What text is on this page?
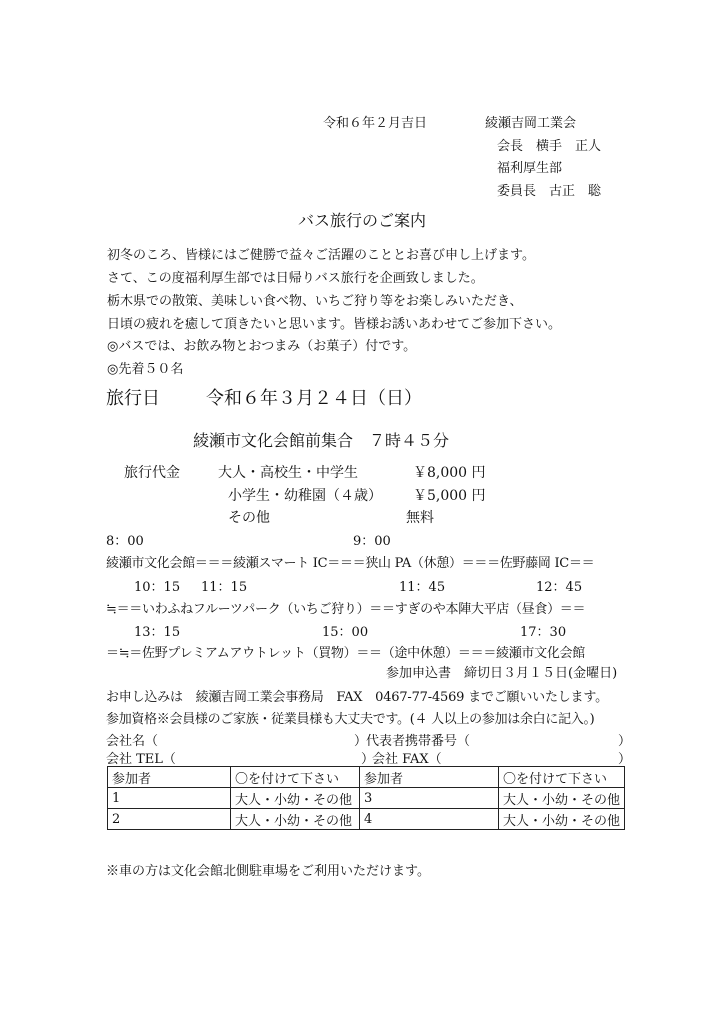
令和６年２月吉日	綾瀬吉岡工業会
会長　横手　正人
福利厚生部
委員長　古正　聡
バス旅行のご案内
初冬のころ、皆様にはご健勝で益々ご活躍のこととお喜び申し上げます。
さて、この度福利厚生部では日帰りバス旅行を企画致しました。
栃木県での散策、美味しい食べ物、いちご狩り等をお楽しみいただき、
日頃の疲れを癒して頂きたいと思います。皆様お誘いあわせてご参加下さい。
◎バスでは、お飲み物とおつまみ（お菓子）付です。
◎先着５０名
旅行日	令和６年３月２４日（日）
綾瀬市文化会館前集合　７時４５分
旅行代金	大人・高校生・中学生	￥8,000 円
小学生・幼稚園（４歳） ￥5,000 円
その他	無料
8：00	9：00
綾瀬市文化会館＝＝＝綾瀬スマート IC＝＝＝狭山 PA（休憩）＝＝＝佐野藤岡 IC＝＝
10：15 11：15	11：45	12：45
≒＝＝いわふねフルーツパーク（いちご狩り）＝＝すぎのや本陣大平店（昼食）＝＝
13：15	15：00	17：30
＝≒＝佐野プレミアムアウトレット（買物）＝＝（途中休憩）＝＝＝綾瀬市文化会館
参加申込書　締切日３月１５日(金曜日)
お申し込みは　綾瀬吉岡工業会事務局　FAX　0467-77-4569 までご願いいたします。
参加資格※会員様のご家族・従業員様も大丈夫です。(４ 人以上の参加は余白に記入。)
会社名（	）
代表者携帯番号（	）
会社 TEL（	）
会社 FAX（	）
参加者	〇を付けて下さい	参加者	〇を付けて下さい
1	大人・小幼・その他	3	大人・小幼・その他
2	大人・小幼・その他	4	大人・小幼・その他
※車の方は文化会館北側駐車場をご利用いただけます。
